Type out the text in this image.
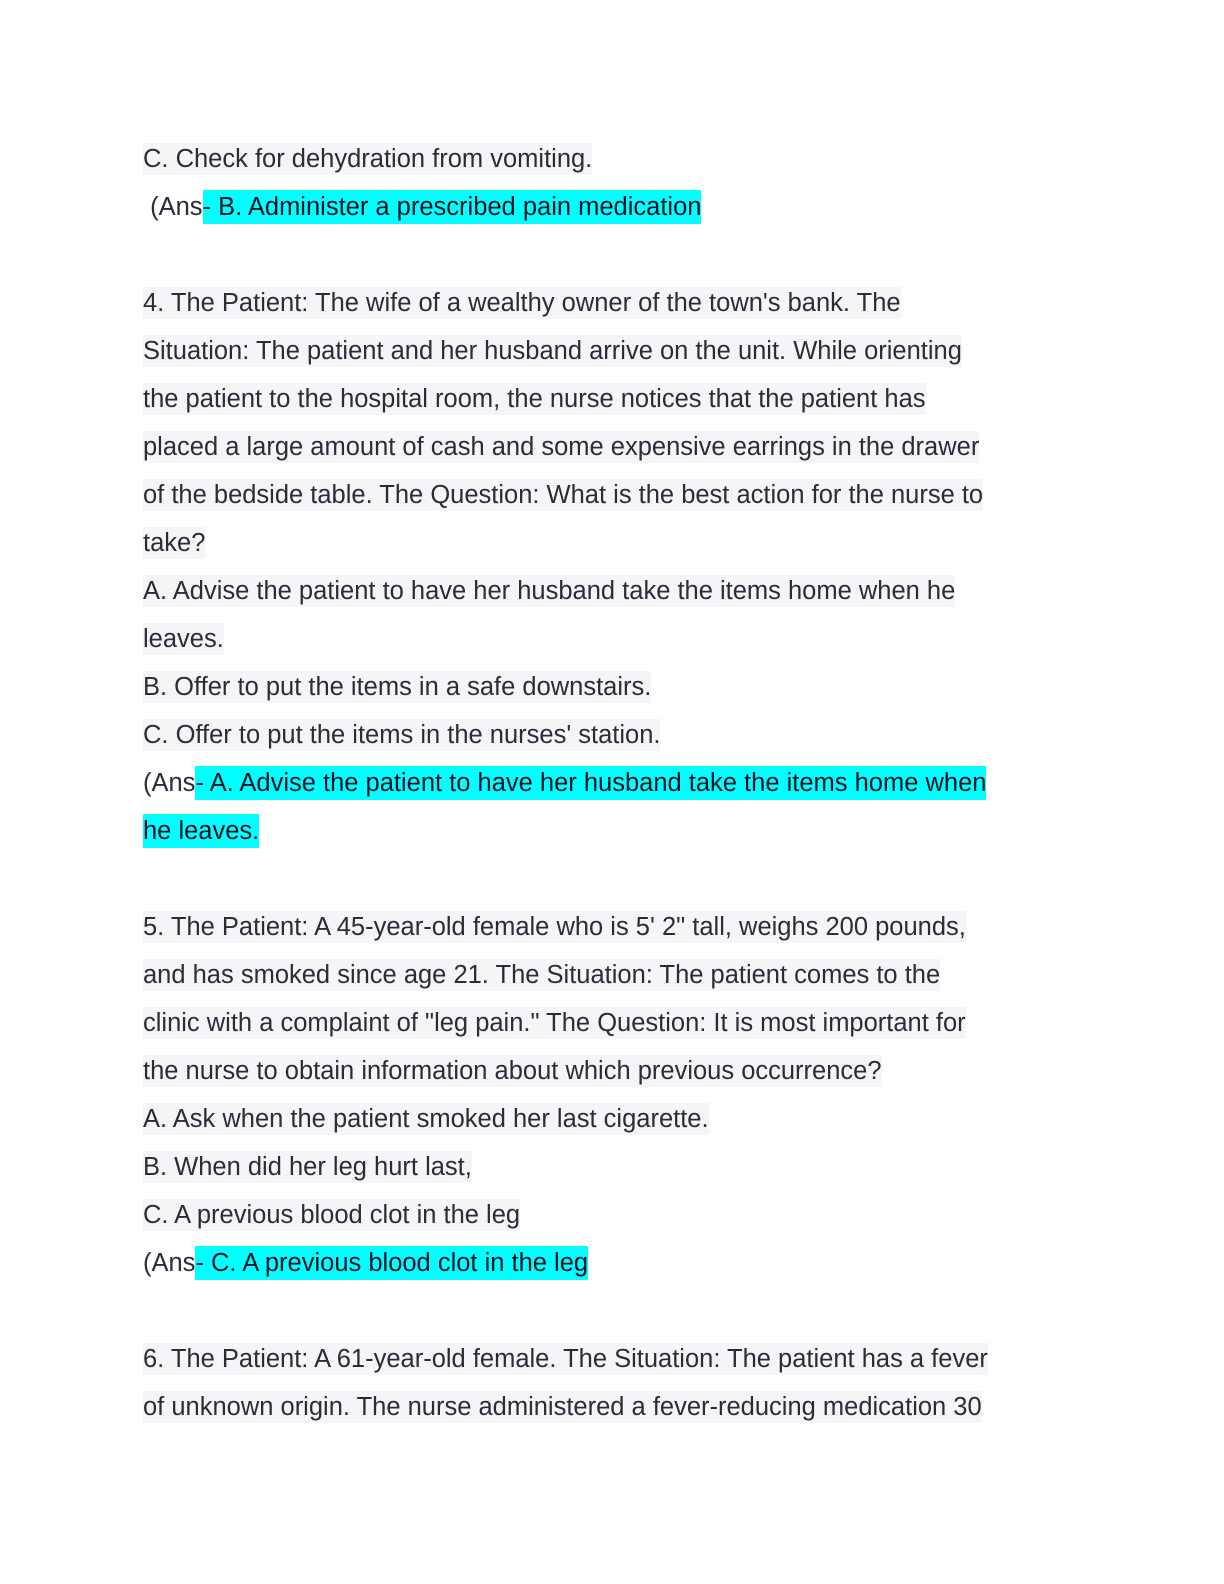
C. Check for dehydration from vomiting.
(Ans- B. Administer a prescribed pain medication
4. The Patient: The wife of a wealthy owner of the town's bank. The
Situation: The patient and her husband arrive on the unit. While orienting
the patient to the hospital room, the nurse notices that the patient has
placed a large amount of cash and some expensive earrings in the drawer
of the bedside table. The Question: What is the best action for the nurse to
take?
A. Advise the patient to have her husband take the items home when he
leaves.
B. Offer to put the items in a safe downstairs.
C. Offer to put the items in the nurses' station.
(Ans- A. Advise the patient to have her husband take the items home when
he leaves.
5. The Patient: A 45-year-old female who is 5' 2" tall, weighs 200 pounds,
and has smoked since age 21. The Situation: The patient comes to the
clinic with a complaint of "leg pain." The Question: It is most important for
the nurse to obtain information about which previous occurrence?
A. Ask when the patient smoked her last cigarette.
B. When did her leg hurt last,
C. A previous blood clot in the leg
(Ans- C. A previous blood clot in the leg
6. The Patient: A 61-year-old female. The Situation: The patient has a fever
of unknown origin. The nurse administered a fever-reducing medication 30
